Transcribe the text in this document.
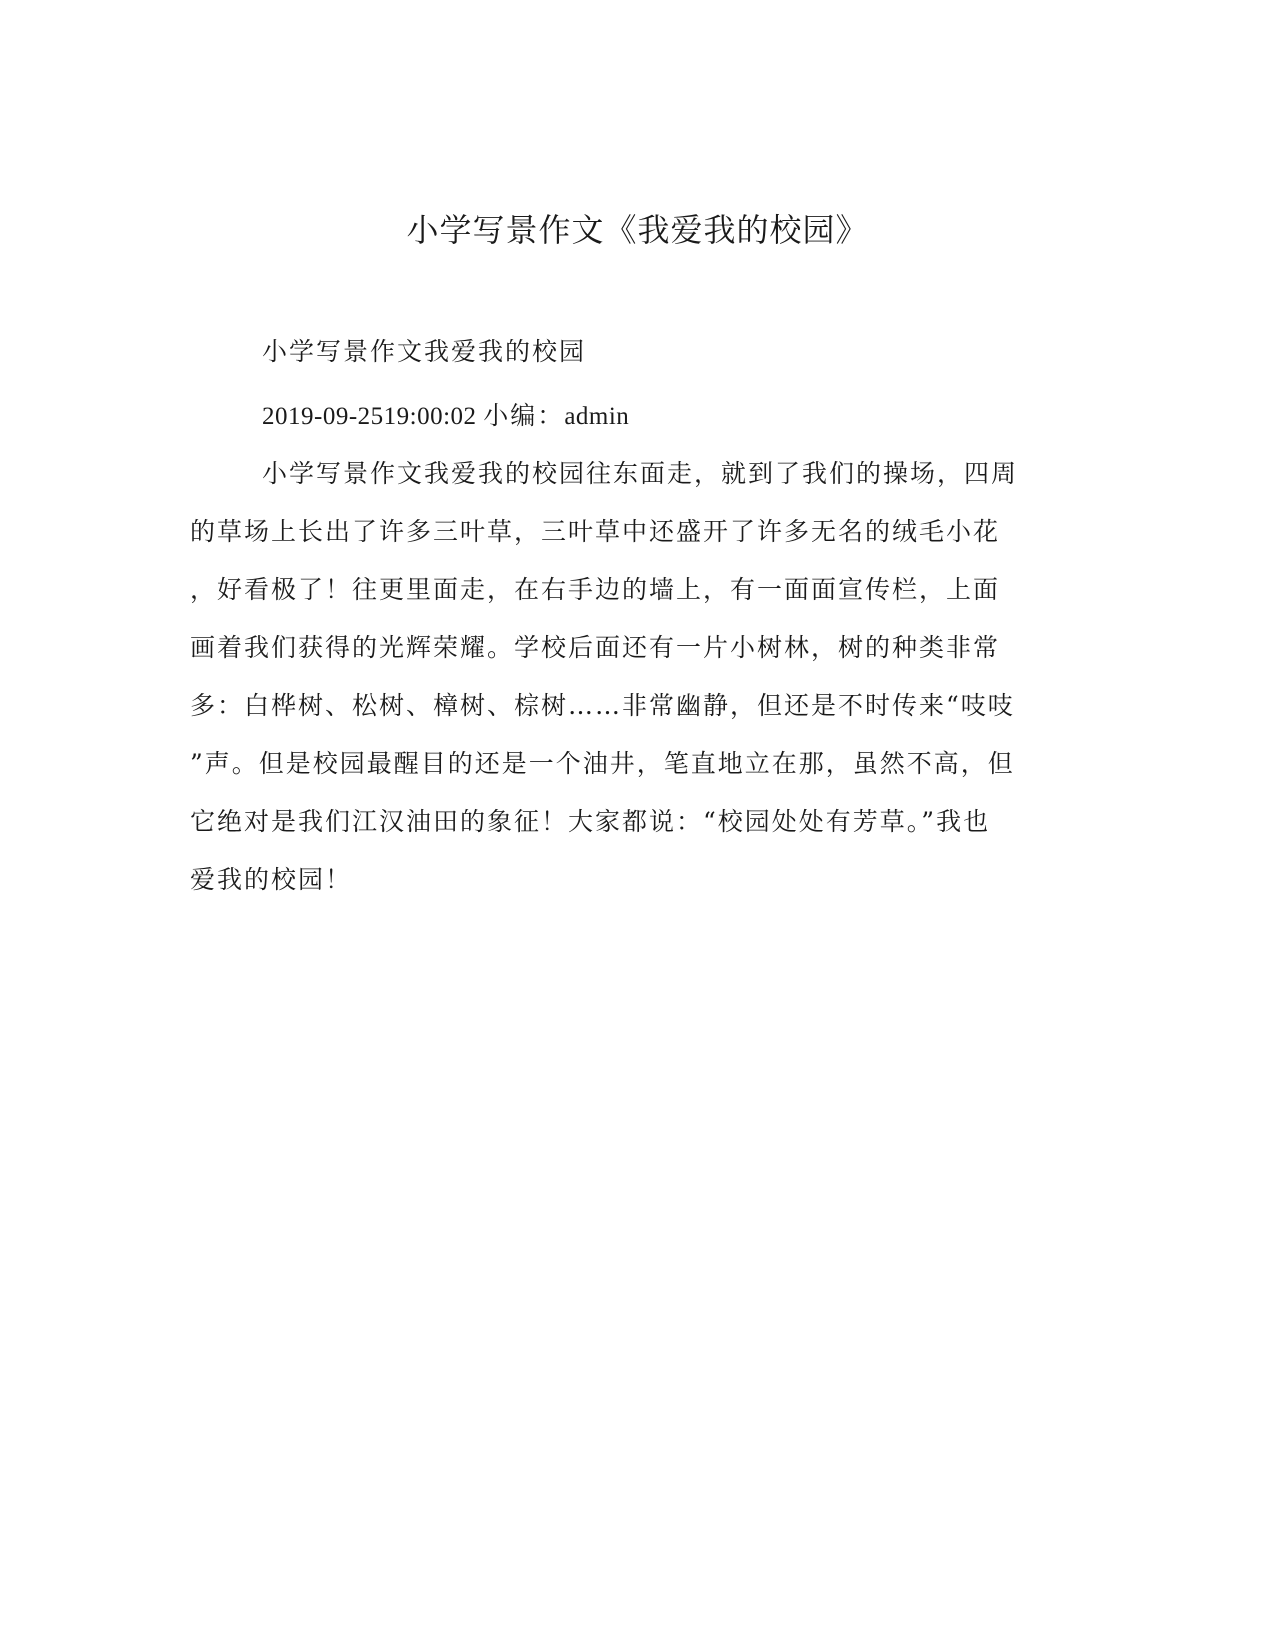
小学写景作文《我爱我的校园》

小学写景作文我爱我的校园

2019-09-2519:00:02 小编：admin

小学写景作文我爱我的校园往东面走，就到了我们的操场，四周

的草场上长出了许多三叶草，三叶草中还盛开了许多无名的绒毛小花

，好看极了！往更里面走，在右手边的墙上，有一面面宣传栏，上面

画着我们获得的光辉荣耀。学校后面还有一片小树林，树的种类非常

多：白桦树、松树、樟树、棕树……非常幽静，但还是不时传来“吱吱

”声。但是校园最醒目的还是一个油井，笔直地立在那，虽然不高，但

它绝对是我们江汉油田的象征！大家都说：“校园处处有芳草。”我也

爱我的校园！
